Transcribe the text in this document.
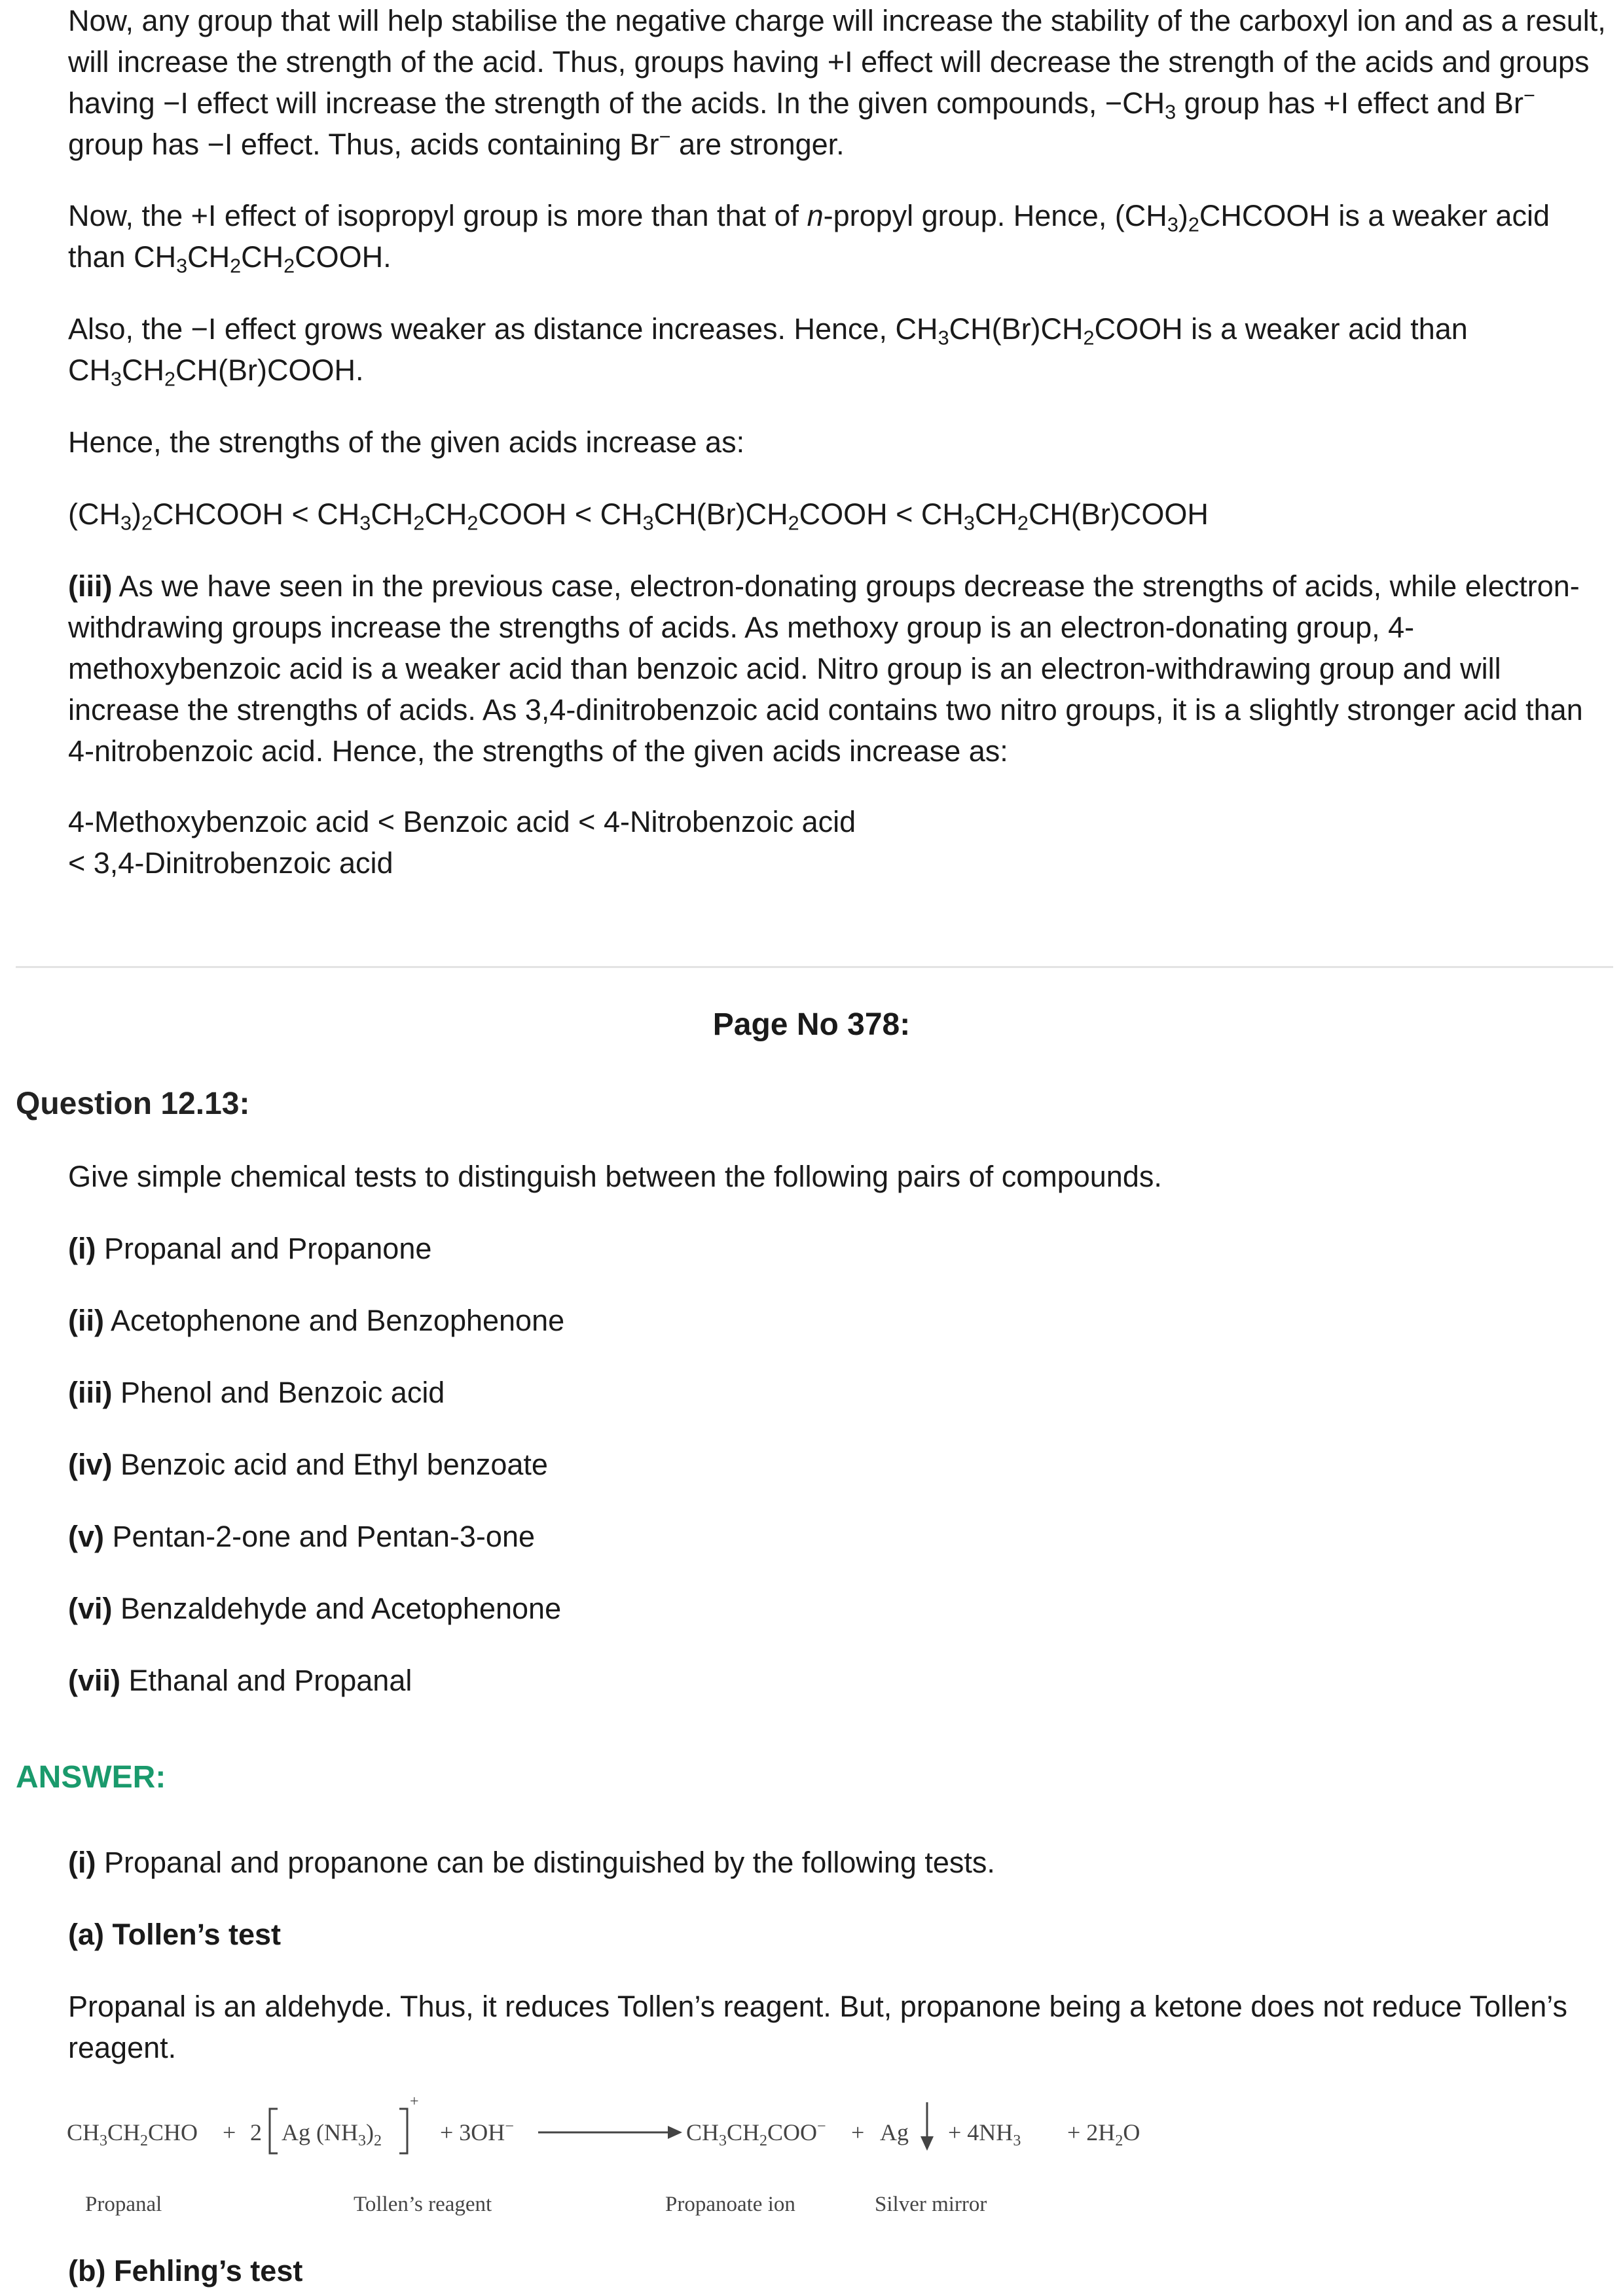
Now, any group that will help stabilise the negative charge will increase the stability of the carboxyl ion and as a result, will increase the strength of the acid. Thus, groups having +I effect will decrease the strength of the acids and groups having −I effect will increase the strength of the acids. In the given compounds, $-CH_3$ group has +I effect and Br− group has −I effect. Thus, acids containing Br− are stronger.

Now, the +I effect of isopropyl group is more than that of n-propyl group. Hence, $(CH_3)_2CHCOOH$ is a weaker acid than $CH_3CH_2CH_2COOH$.

Also, the −I effect grows weaker as distance increases. Hence, $CH_3CH(Br)CH_2COOH$ is a weaker acid than $CH_3CH_2CH(Br)COOH$.

Hence, the strengths of the given acids increase as:

$(CH_3)_2CHCOOH$ < $CH_3CH_2CH_2COOH$ < $CH_3CH(Br)CH_2COOH$ < $CH_3CH_2CH(Br)COOH$

(iii) As we have seen in the previous case, electron-donating groups decrease the strengths of acids, while electron-withdrawing groups increase the strengths of acids. As methoxy group is an electron-donating group, 4-methoxybenzoic acid is a weaker acid than benzoic acid. Nitro group is an electron-withdrawing group and will increase the strengths of acids. As 3,4-dinitrobenzoic acid contains two nitro groups, it is a slightly stronger acid than 4-nitrobenzoic acid. Hence, the strengths of the given acids increase as:

4-Methoxybenzoic acid < Benzoic acid < 4-Nitrobenzoic acid
< 3,4-Dinitrobenzoic acid

Page No 378:
Question 12.13:

Give simple chemical tests to distinguish between the following pairs of compounds.

(i) Propanal and Propanone

(ii) Acetophenone and Benzophenone

(iii) Phenol and Benzoic acid

(iv) Benzoic acid and Ethyl benzoate

(v) Pentan-2-one and Pentan-3-one

(vi) Benzaldehyde and Acetophenone

(vii) Ethanal and Propanal

ANSWER:

(i) Propanal and propanone can be distinguished by the following tests.

(a) Tollen’s test

Propanal is an aldehyde. Thus, it reduces Tollen’s reagent. But, propanone being a ketone does not reduce Tollen’s reagent.

$CH_3CH_2CHO + 2$ Ag $(NH_3)_2$
+
+ 3OH−	$CH_3CH_2COO^- + Ag + 4NH_3 + 2H_2O$
Propanal	Tollen’s reagent	Propanoate ion	Silver mirror

(b) Fehling’s test
